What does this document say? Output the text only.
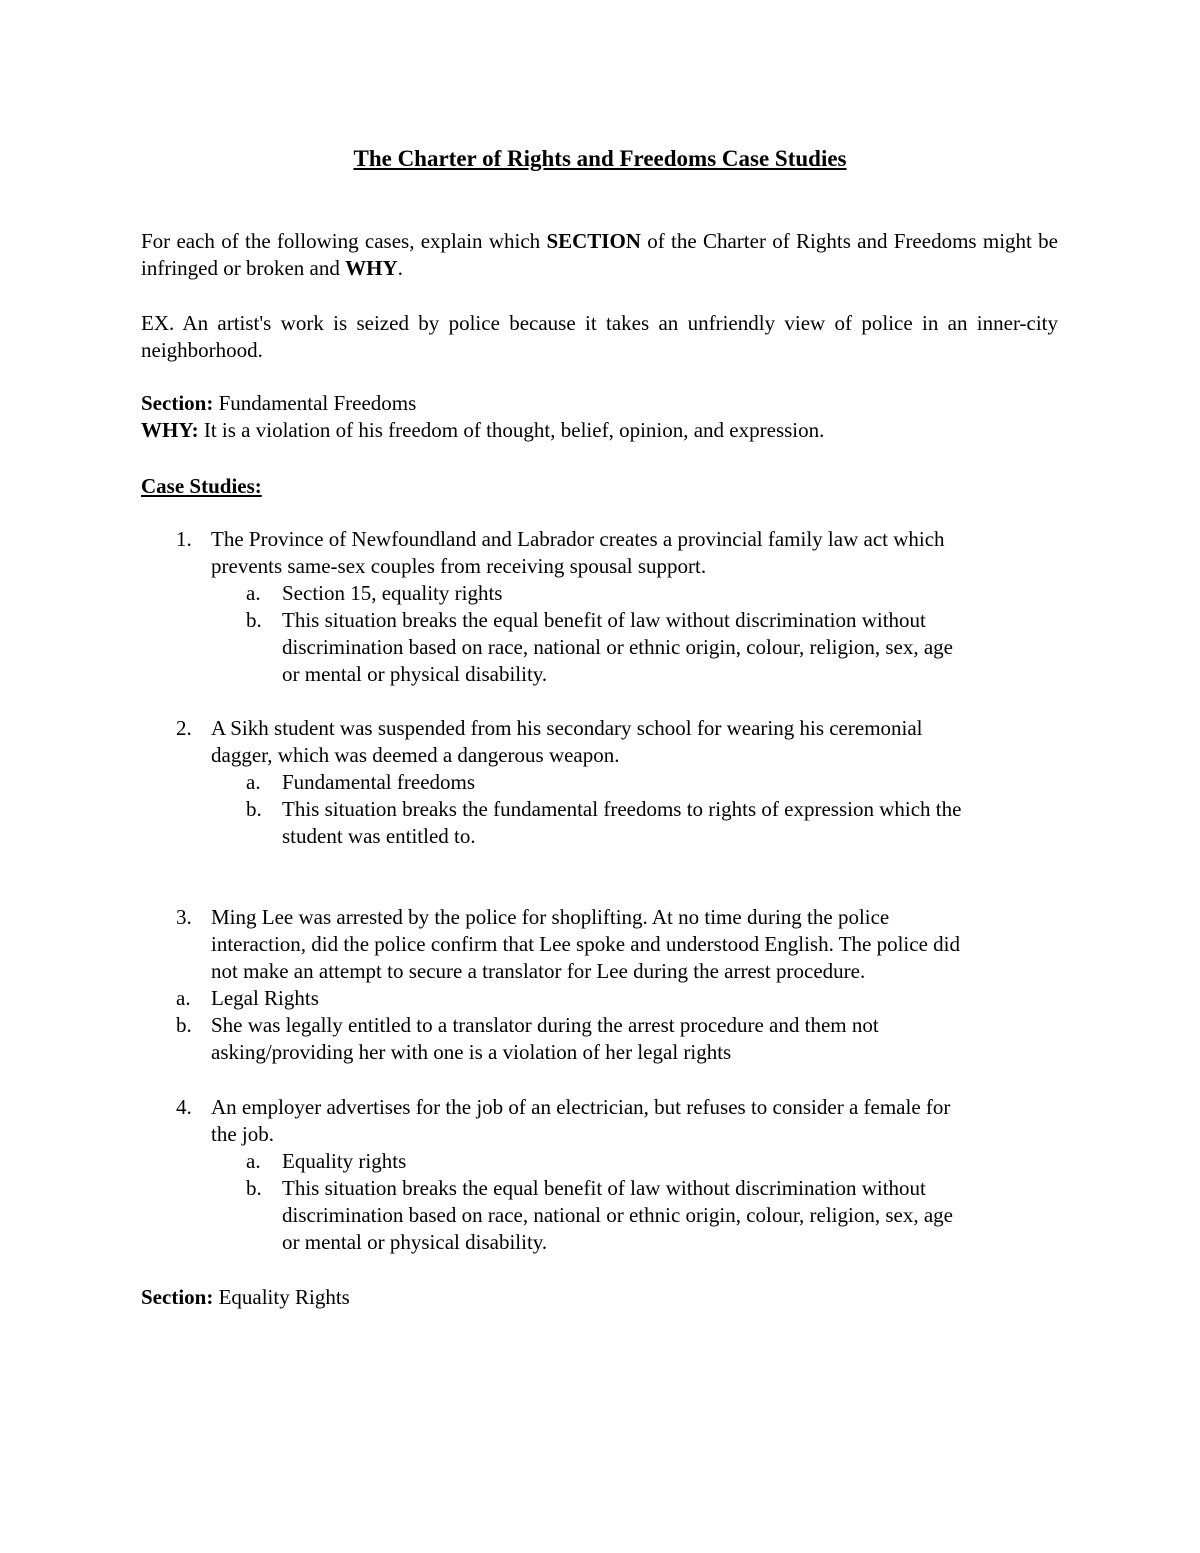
The Charter of Rights and Freedoms Case Studies
For each of the following cases, explain which SECTION of the Charter of Rights and Freedoms might be infringed or broken and WHY.
EX. An artist's work is seized by police because it takes an unfriendly view of police in an inner-city neighborhood.
Section: Fundamental Freedoms
WHY: It is a violation of his freedom of thought, belief, opinion, and expression.
Case Studies:
1. The Province of Newfoundland and Labrador creates a provincial family law act which
prevents same-sex couples from receiving spousal support.
a.	Section 15, equality rights
b. This situation breaks the equal benefit of law without discrimination without
discrimination based on race, national or ethnic origin, colour, religion, sex, age
or mental or physical disability.
2. A Sikh student was suspended from his secondary school for wearing his ceremonial
dagger, which was deemed a dangerous weapon.
a.	Fundamental freedoms
b. This situation breaks the fundamental freedoms to rights of expression which the
student was entitled to.
3. Ming Lee was arrested by the police for shoplifting. At no time during the police
interaction, did the police confirm that Lee spoke and understood English. The police did
not make an attempt to secure a translator for Lee during the arrest procedure.
a. Legal Rights
b. She was legally entitled to a translator during the arrest procedure and them not
asking/providing her with one is a violation of her legal rights
4. An employer advertises for the job of an electrician, but refuses to consider a female for
the job.
a.	Equality rights
b. This situation breaks the equal benefit of law without discrimination without
discrimination based on race, national or ethnic origin, colour, religion, sex, age
or mental or physical disability.
Section: Equality Rights
